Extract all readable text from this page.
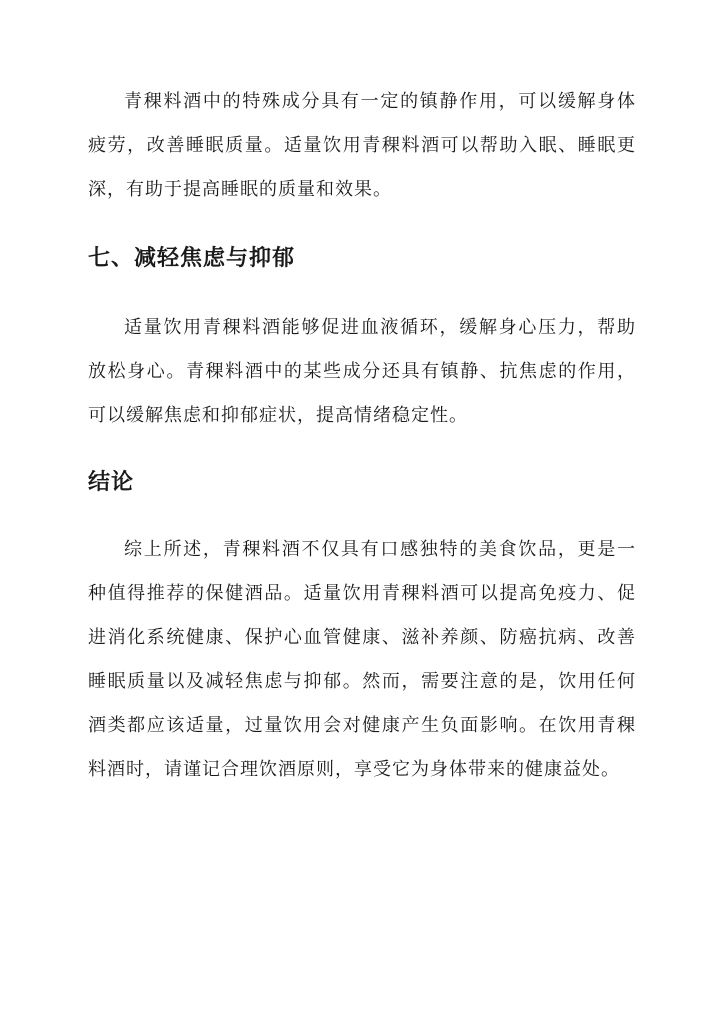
青稞料酒中的特殊成分具有一定的镇静作用，可以缓解身体疲劳，改善睡眠质量。适量饮用青稞料酒可以帮助入眠、睡眠更深，有助于提高睡眠的质量和效果。

七、减轻焦虑与抑郁

适量饮用青稞料酒能够促进血液循环，缓解身心压力，帮助放松身心。青稞料酒中的某些成分还具有镇静、抗焦虑的作用，可以缓解焦虑和抑郁症状，提高情绪稳定性。

结论

综上所述，青稞料酒不仅具有口感独特的美食饮品，更是一种值得推荐的保健酒品。适量饮用青稞料酒可以提高免疫力、促进消化系统健康、保护心血管健康、滋补养颜、防癌抗病、改善睡眠质量以及减轻焦虑与抑郁。然而，需要注意的是，饮用任何酒类都应该适量，过量饮用会对健康产生负面影响。在饮用青稞料酒时，请谨记合理饮酒原则，享受它为身体带来的健康益处。
